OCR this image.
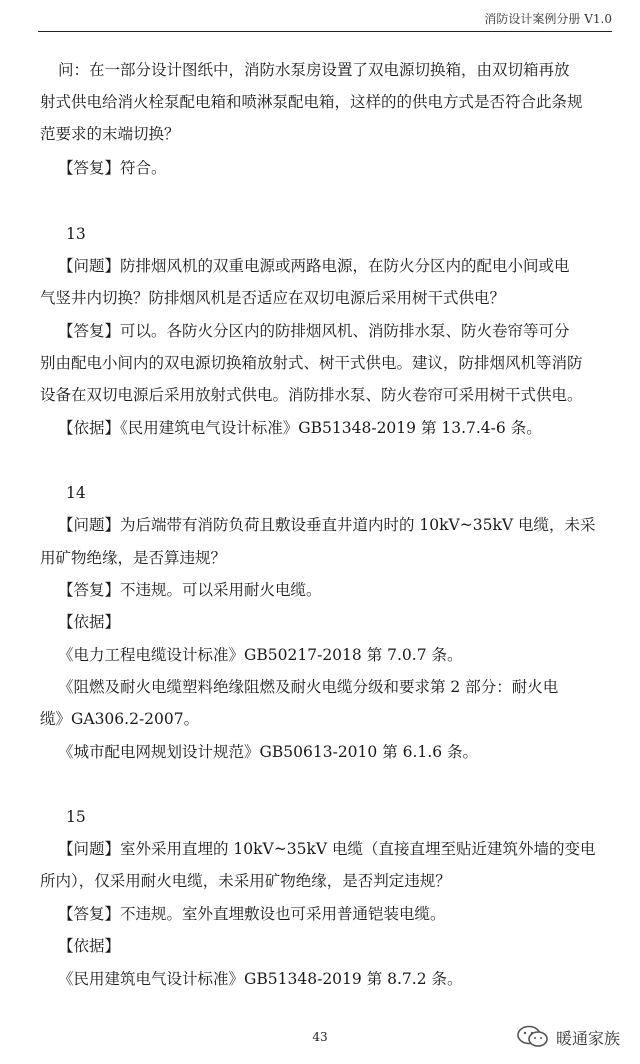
消防设计案例分册 V1.0
问：在一部分设计图纸中，消防水泵房设置了双电源切换箱，由双切箱再放
射式供电给消火栓泵配电箱和喷淋泵配电箱，这样的的供电方式是否符合此条规
范要求的末端切换？
【答复】符合。
13
【问题】防排烟风机的双重电源或两路电源，在防火分区内的配电小间或电
气竖井内切换？防排烟风机是否适应在双切电源后采用树干式供电？
【答复】可以。各防火分区内的防排烟风机、消防排水泵、防火卷帘等可分
别由配电小间内的双电源切换箱放射式、树干式供电。建议，防排烟风机等消防
设备在双切电源后采用放射式供电。消防排水泵、防火卷帘可采用树干式供电。
【依据】《民用建筑电气设计标准》GB51348-2019 第 13.7.4-6 条。
14
【问题】为后端带有消防负荷且敷设垂直井道内时的 10kV~35kV 电缆，未采
用矿物绝缘，是否算违规？
【答复】不违规。可以采用耐火电缆。
【依据】
《电力工程电缆设计标准》GB50217-2018 第 7.0.7 条。
《阻燃及耐火电缆塑料绝缘阻燃及耐火电缆分级和要求第 2 部分：耐火电
缆》GA306.2-2007。
《城市配电网规划设计规范》GB50613-2010 第 6.1.6 条。
15
【问题】室外采用直埋的 10kV~35kV 电缆（直接直埋至贴近建筑外墙的变电
所内），仅采用耐火电缆，未采用矿物绝缘，是否判定违规？
【答复】不违规。室外直埋敷设也可采用普通铠装电缆。
【依据】
《民用建筑电气设计标准》GB51348-2019 第 8.7.2 条。
43	暖通家族
